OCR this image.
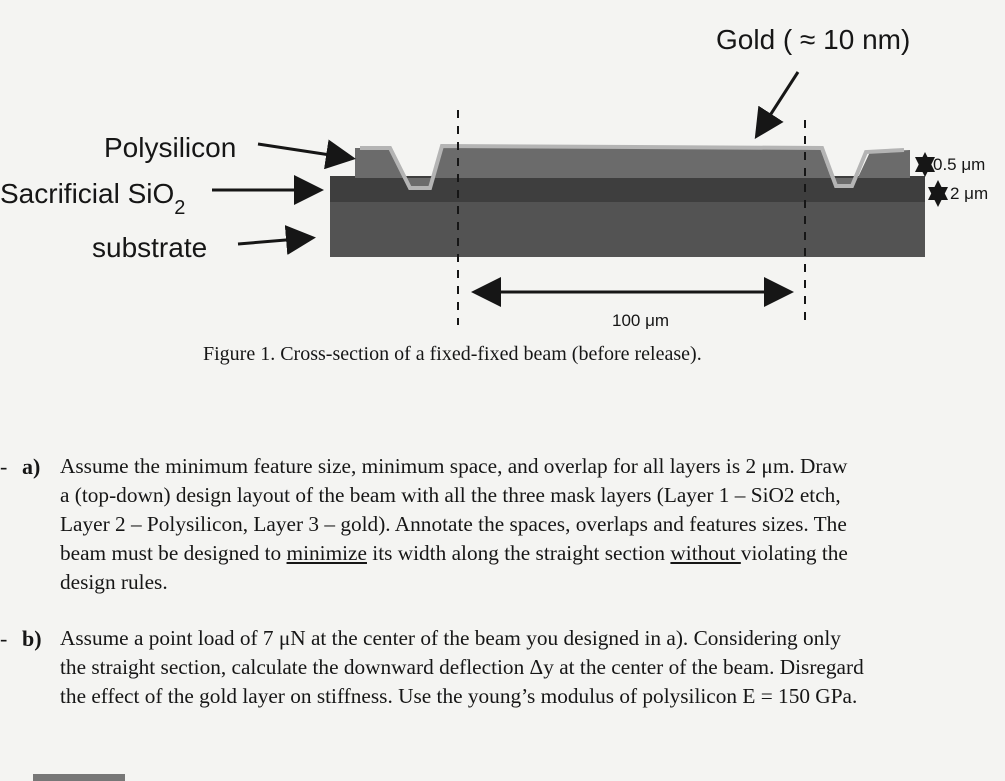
Gold ( ≈ 10 nm)
Polysilicon
Sacrificial SiO$_2$
substrate
0.5 μm
2 μm
100 μm
Figure 1. Cross-section of a fixed-fixed beam (before release).
- a) Assume the minimum feature size, minimum space, and overlap for all layers is 2 μm. Draw
a (top-down) design layout of the beam with all the three mask layers (Layer 1 – SiO2 etch,
Layer 2 – Polysilicon, Layer 3 – gold). Annotate the spaces, overlaps and features sizes. The
beam must be designed to minimize its width along the straight section without violating the
design rules.
- b) Assume a point load of 7 μN at the center of the beam you designed in a). Considering only
the straight section, calculate the downward deflection Δy at the center of the beam. Disregard
the effect of the gold layer on stiffness. Use the young’s modulus of polysilicon E = 150 GPa.
